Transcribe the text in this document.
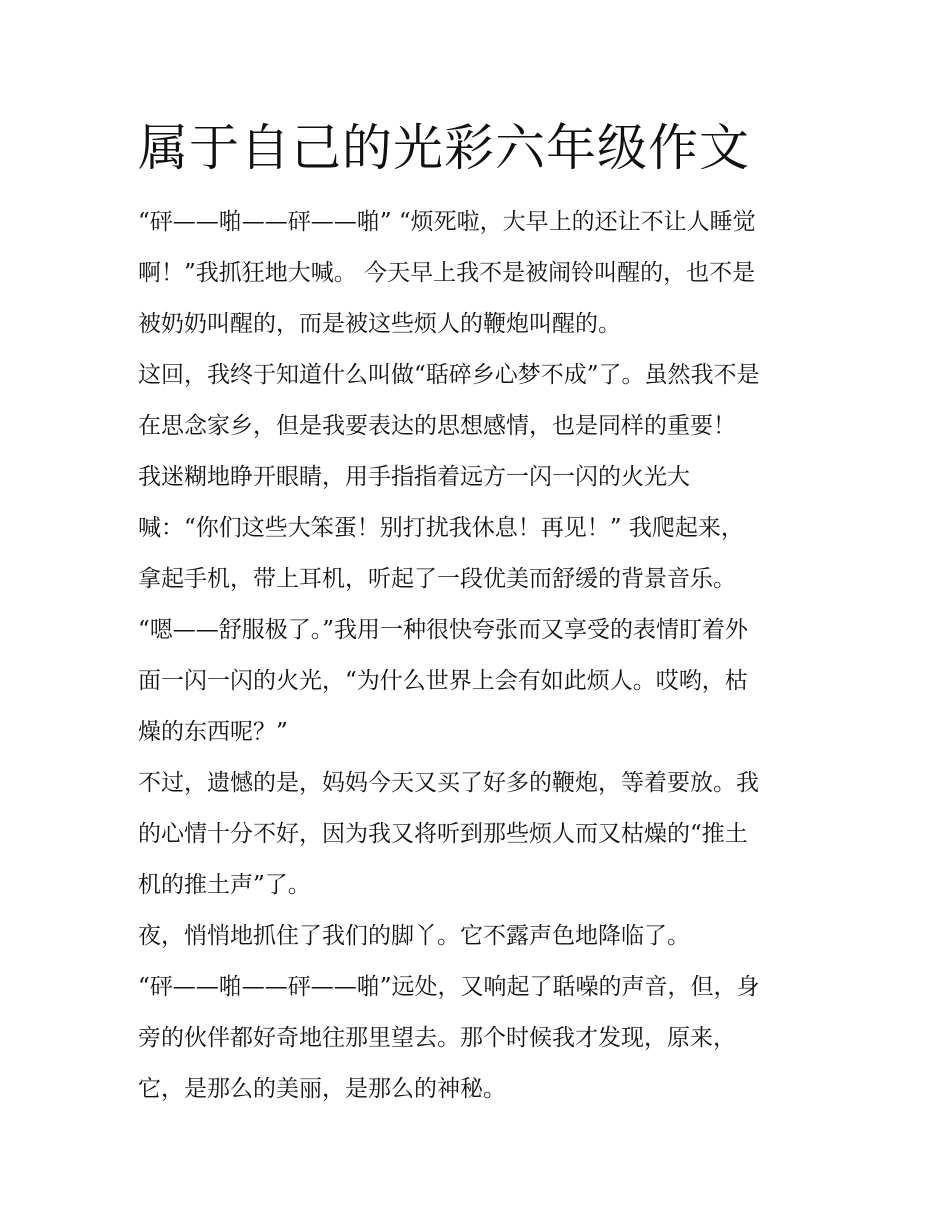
属于自己的光彩六年级作文

“砰——啪——砰——啪” “烦死啦，大早上的还让不让人睡觉

啊！”我抓狂地大喊。 今天早上我不是被闹铃叫醒的，也不是

被奶奶叫醒的，而是被这些烦人的鞭炮叫醒的。

这回，我终于知道什么叫做“聒碎乡心梦不成”了。虽然我不是

在思念家乡，但是我要表达的思想感情，也是同样的重要！

我迷糊地睁开眼睛，用手指指着远方一闪一闪的火光大

喊：“你们这些大笨蛋！别打扰我休息！再见！” 我爬起来，

拿起手机，带上耳机，听起了一段优美而舒缓的背景音乐。

“嗯——舒服极了。”我用一种很快夸张而又享受的表情盯着外

面一闪一闪的火光，“为什么世界上会有如此烦人。哎哟，枯

燥的东西呢？”

不过，遗憾的是，妈妈今天又买了好多的鞭炮，等着要放。我

的心情十分不好，因为我又将听到那些烦人而又枯燥的“推土

机的推土声”了。

夜，悄悄地抓住了我们的脚丫。它不露声色地降临了。

“砰——啪——砰——啪”远处，又响起了聒噪的声音，但，身

旁的伙伴都好奇地往那里望去。那个时候我才发现，原来，

它，是那么的美丽，是那么的神秘。
